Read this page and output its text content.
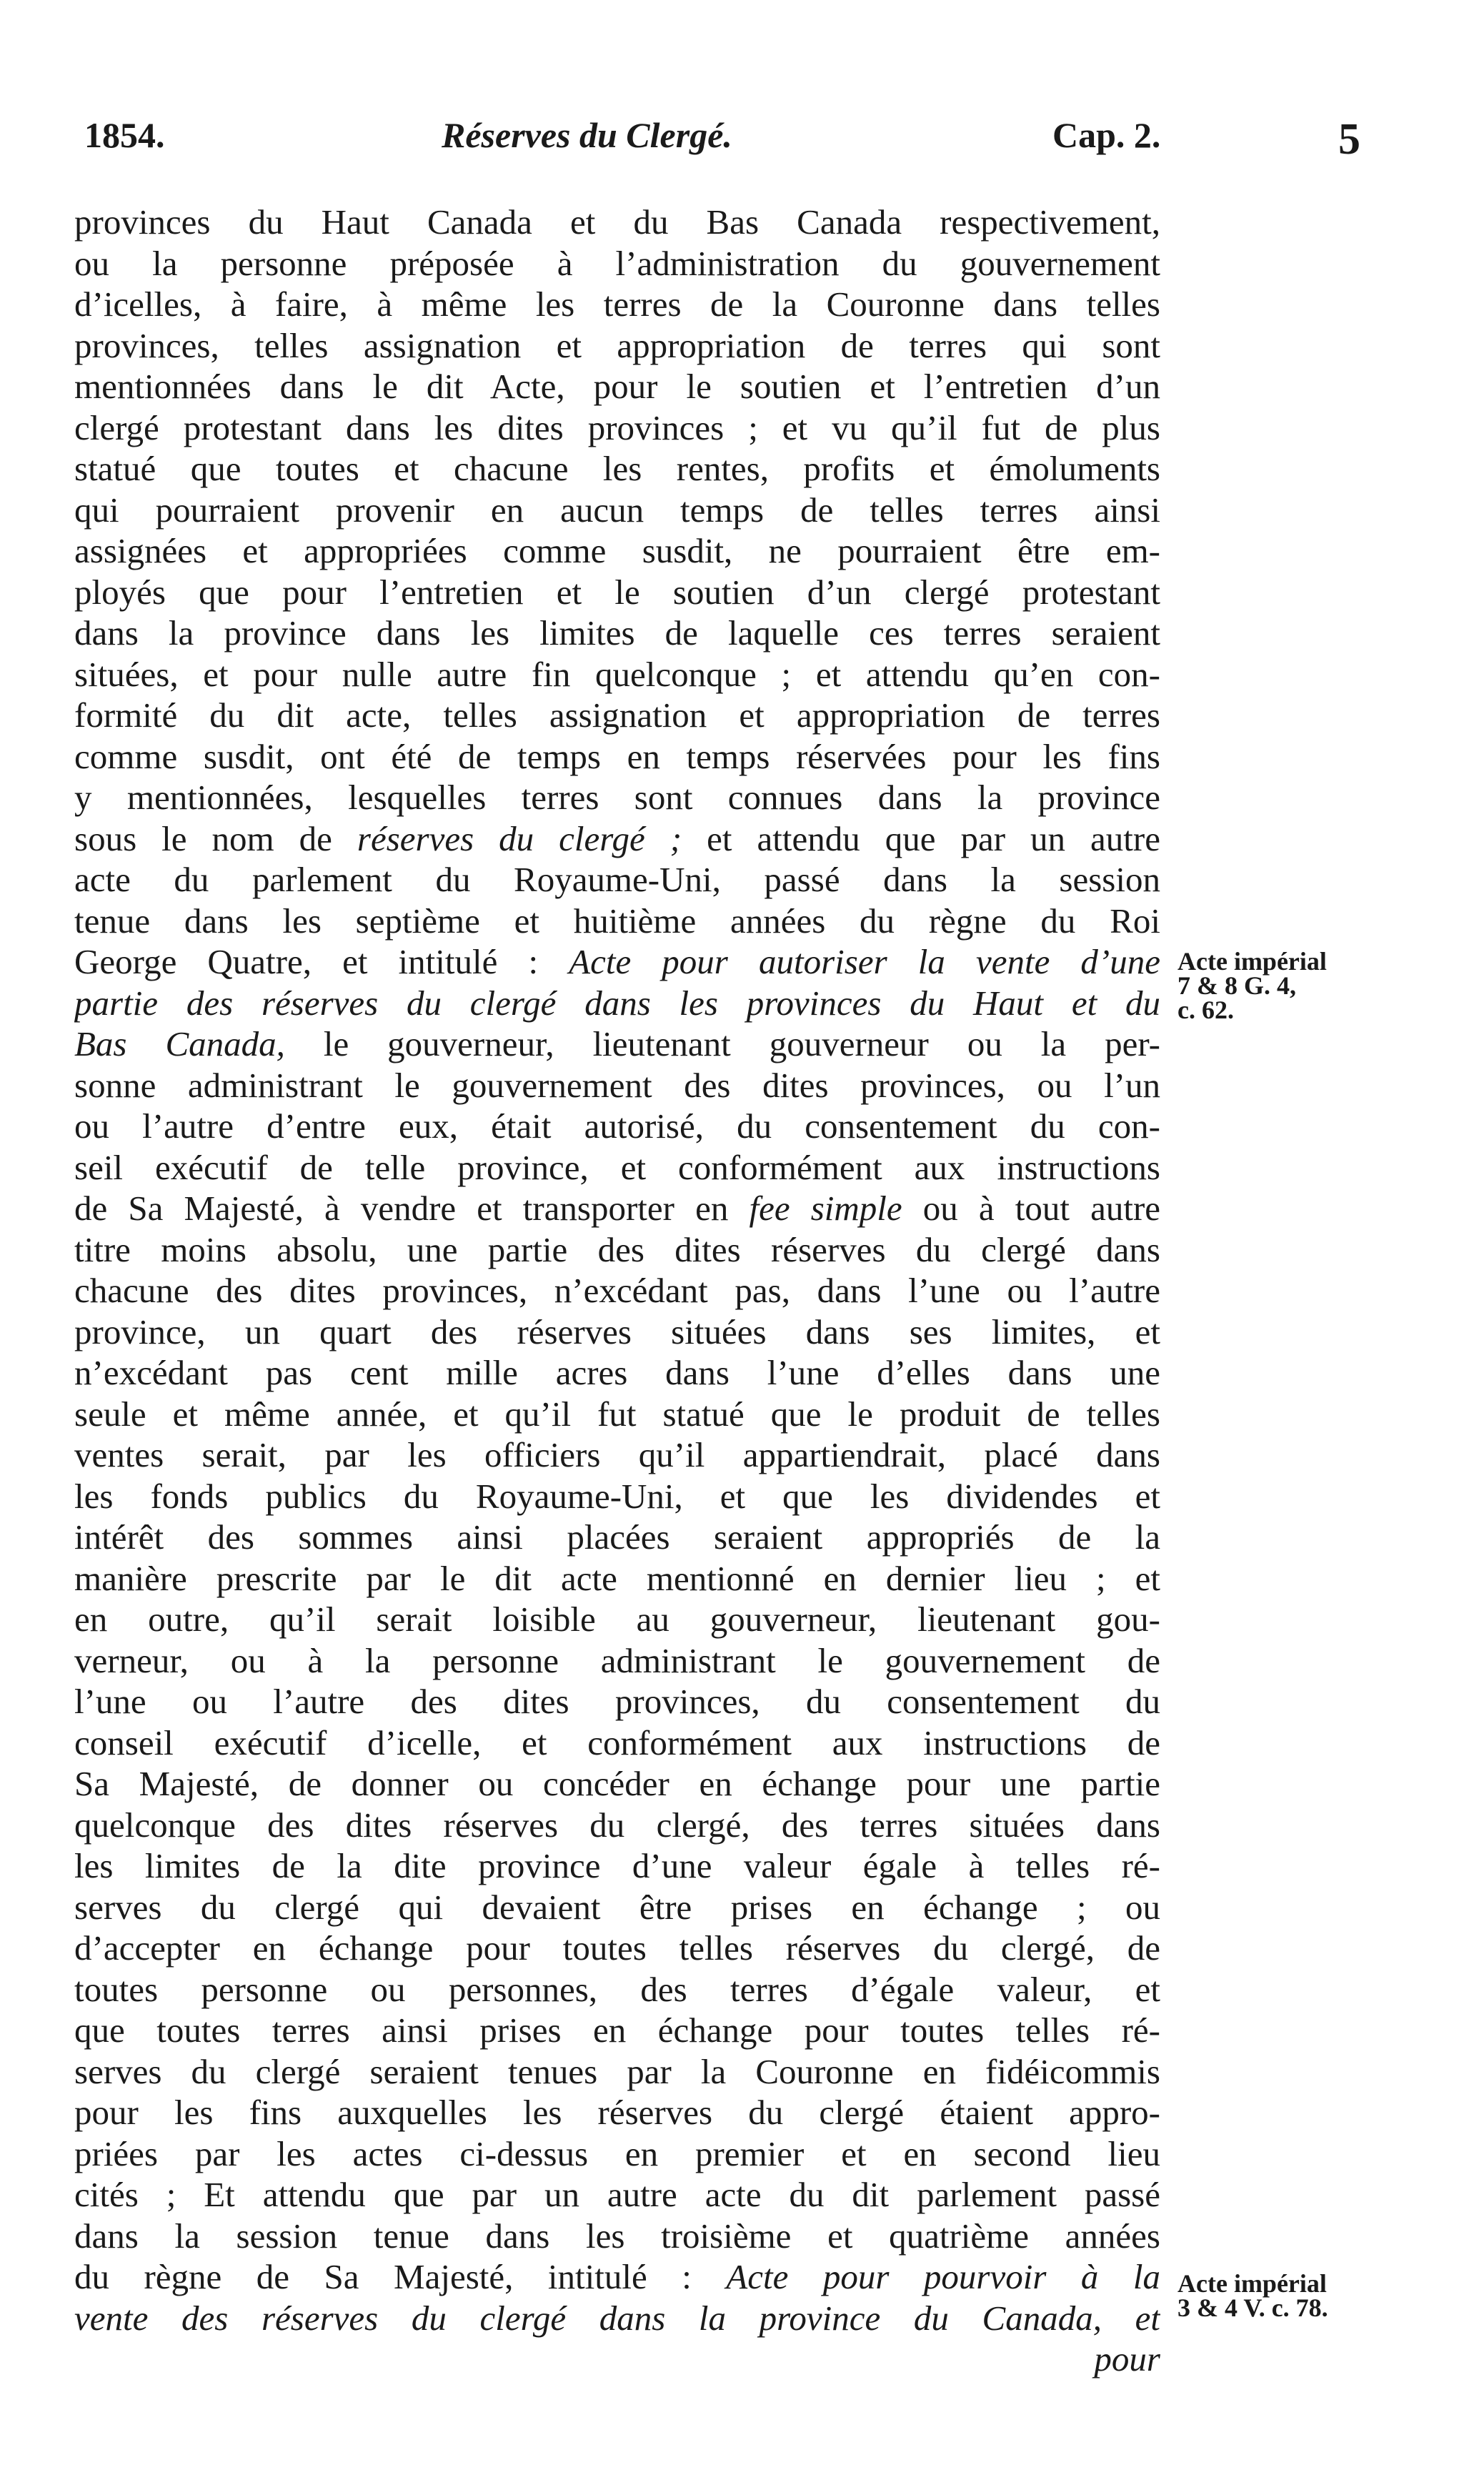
1854.	Réserves du Clergé.	Cap. 2.	5
provinces du Haut Canada et du Bas Canada respectivement,
ou la personne préposée à l’administration du gouvernement
d’icelles, à faire, à même les terres de la Couronne dans telles
provinces, telles assignation et appropriation de terres qui sont
mentionnées dans le dit Acte, pour le soutien et l’entretien d’un
clergé protestant dans les dites provinces ; et vu qu’il fut de plus
statué que toutes et chacune les rentes, profits et émoluments
qui pourraient provenir en aucun temps de telles terres ainsi
assignées et appropriées comme susdit, ne pourraient être em-
ployés que pour l’entretien et le soutien d’un clergé protestant
dans la province dans les limites de laquelle ces terres seraient
situées, et pour nulle autre fin quelconque ; et attendu qu’en con-
formité du dit acte, telles assignation et appropriation de terres
comme susdit, ont été de temps en temps réservées pour les fins
y mentionnées, lesquelles terres sont connues dans la province
sous le nom de réserves du clergé ; et attendu que par un autre
acte du parlement du Royaume-Uni, passé dans la session
tenue dans les septième et huitième années du règne du Roi
George Quatre, et intitulé : Acte pour autoriser la vente d’une
partie des réserves du clergé dans les provinces du Haut et du
Bas Canada, le gouverneur, lieutenant gouverneur ou la per-
sonne administrant le gouvernement des dites provinces, ou l’un
ou l’autre d’entre eux, était autorisé, du consentement du con-
seil exécutif de telle province, et conformément aux instructions
de Sa Majesté, à vendre et transporter en fee simple ou à tout autre
titre moins absolu, une partie des dites réserves du clergé dans
chacune des dites provinces, n’excédant pas, dans l’une ou l’autre
province, un quart des réserves situées dans ses limites, et
n’excédant pas cent mille acres dans l’une d’elles dans une
seule et même année, et qu’il fut statué que le produit de telles
ventes serait, par les officiers qu’il appartiendrait, placé dans
les fonds publics du Royaume-Uni, et que les dividendes et
intérêt des sommes ainsi placées seraient appropriés de la
manière prescrite par le dit acte mentionné en dernier lieu ; et
en outre, qu’il serait loisible au gouverneur, lieutenant gou-
verneur, ou à la personne administrant le gouvernement de
l’une ou l’autre des dites provinces, du consentement du
conseil exécutif d’icelle, et conformément aux instructions de
Sa Majesté, de donner ou concéder en échange pour une partie
quelconque des dites réserves du clergé, des terres situées dans
les limites de la dite province d’une valeur égale à telles ré-
serves du clergé qui devaient être prises en échange ; ou
d’accepter en échange pour toutes telles réserves du clergé, de
toutes personne ou personnes, des terres d’égale valeur, et
que toutes terres ainsi prises en échange pour toutes telles ré-
serves du clergé seraient tenues par la Couronne en fidéicommis
pour les fins auxquelles les réserves du clergé étaient appro-
priées par les actes ci-dessus en premier et en second lieu
cités ; Et attendu que par un autre acte du dit parlement passé
dans la session tenue dans les troisième et quatrième années
du règne de Sa Majesté, intitulé : Acte pour pourvoir à la
vente des réserves du clergé dans la province du Canada, et
pour
Acte impérial
7 & 8 G. 4,
c. 62.
Acte impérial
3 & 4 V. c. 78.
